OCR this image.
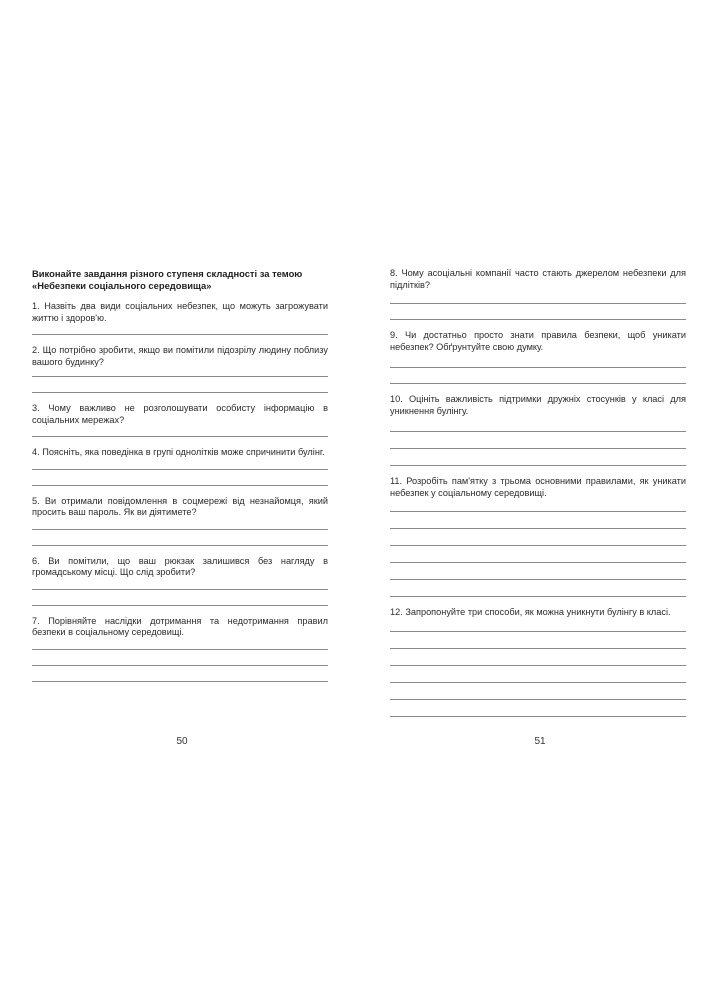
Виконайте завдання різного ступеня складності за темою
«Небезпеки соціального середовища»

1. Назвіть два види соціальних небезпек, що можуть загрожувати життю і здоров'ю.

2. Що потрібно зробити, якщо ви помітили підозрілу людину поблизу вашого будинку?

3. Чому важливо не розголошувати особисту інформацію в соціальних мережах?

4. Поясніть, яка поведінка в групі однолітків може спричинити булінг.

5. Ви отримали повідомлення в соцмережі від незнайомця, який просить ваш пароль. Як ви діятимете?

6. Ви помітили, що ваш рюкзак залишився без нагляду в громадському місці. Що слід зробити?

7. Порівняйте наслідки дотримання та недотримання правил безпеки в соціальному середовищі.

50

8. Чому асоціальні компанії часто стають джерелом небезпеки для підлітків?

9. Чи достатньо просто знати правила безпеки, щоб уникати небезпек? Обґрунтуйте свою думку.

10. Оцініть важливість підтримки дружніх стосунків у класі для уникнення булінгу.

11. Розробіть пам'ятку з трьома основними правилами, як уникати небезпек у соціальному середовищі.

12. Запропонуйте три способи, як можна уникнути булінгу в класі.

51
